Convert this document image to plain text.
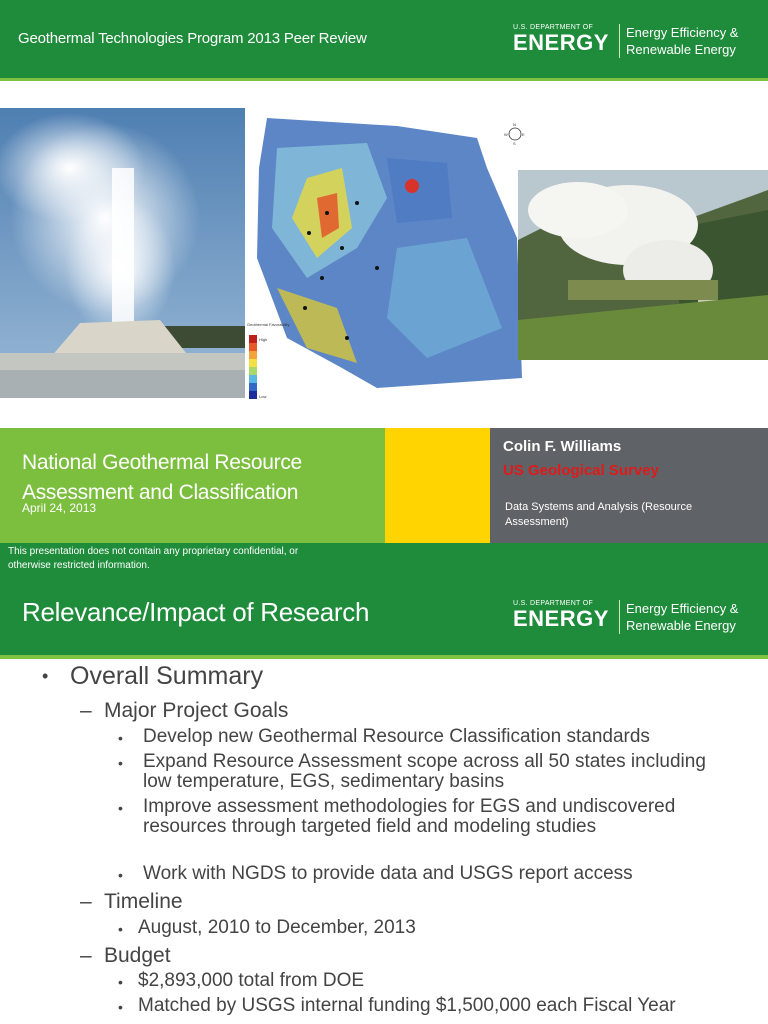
Geothermal Technologies Program 2013 Peer Review
U.S. DEPARTMENT OF
ENERGY Energy Efficiency &
Renewable Energy
Geothermal Favorability
High
Low
N
S
E
W
National Geothermal Resource Assessment and Classification
April 24, 2013
Colin F. Williams
US Geological Survey
Data Systems and Analysis (Resource Assessment)
This presentation does not contain any proprietary confidential, or otherwise restricted information.
Relevance/Impact of Research	U.S. DEPARTMENT OF
ENERGY Energy Efficiency &
Renewable Energy
• Overall Summary
– Major Project Goals
• Develop new Geothermal Resource Classification standards
• Expand Resource Assessment scope across all 50 states including low temperature, EGS, sedimentary basins
• Improve assessment methodologies for EGS and undiscovered resources through targeted field and modeling studies
• Work with NGDS to provide data and USGS report access
– Timeline
• August, 2010 to December, 2013
– Budget
• $2,893,000 total from DOE
• Matched by USGS internal funding $1,500,000 each Fiscal Year
